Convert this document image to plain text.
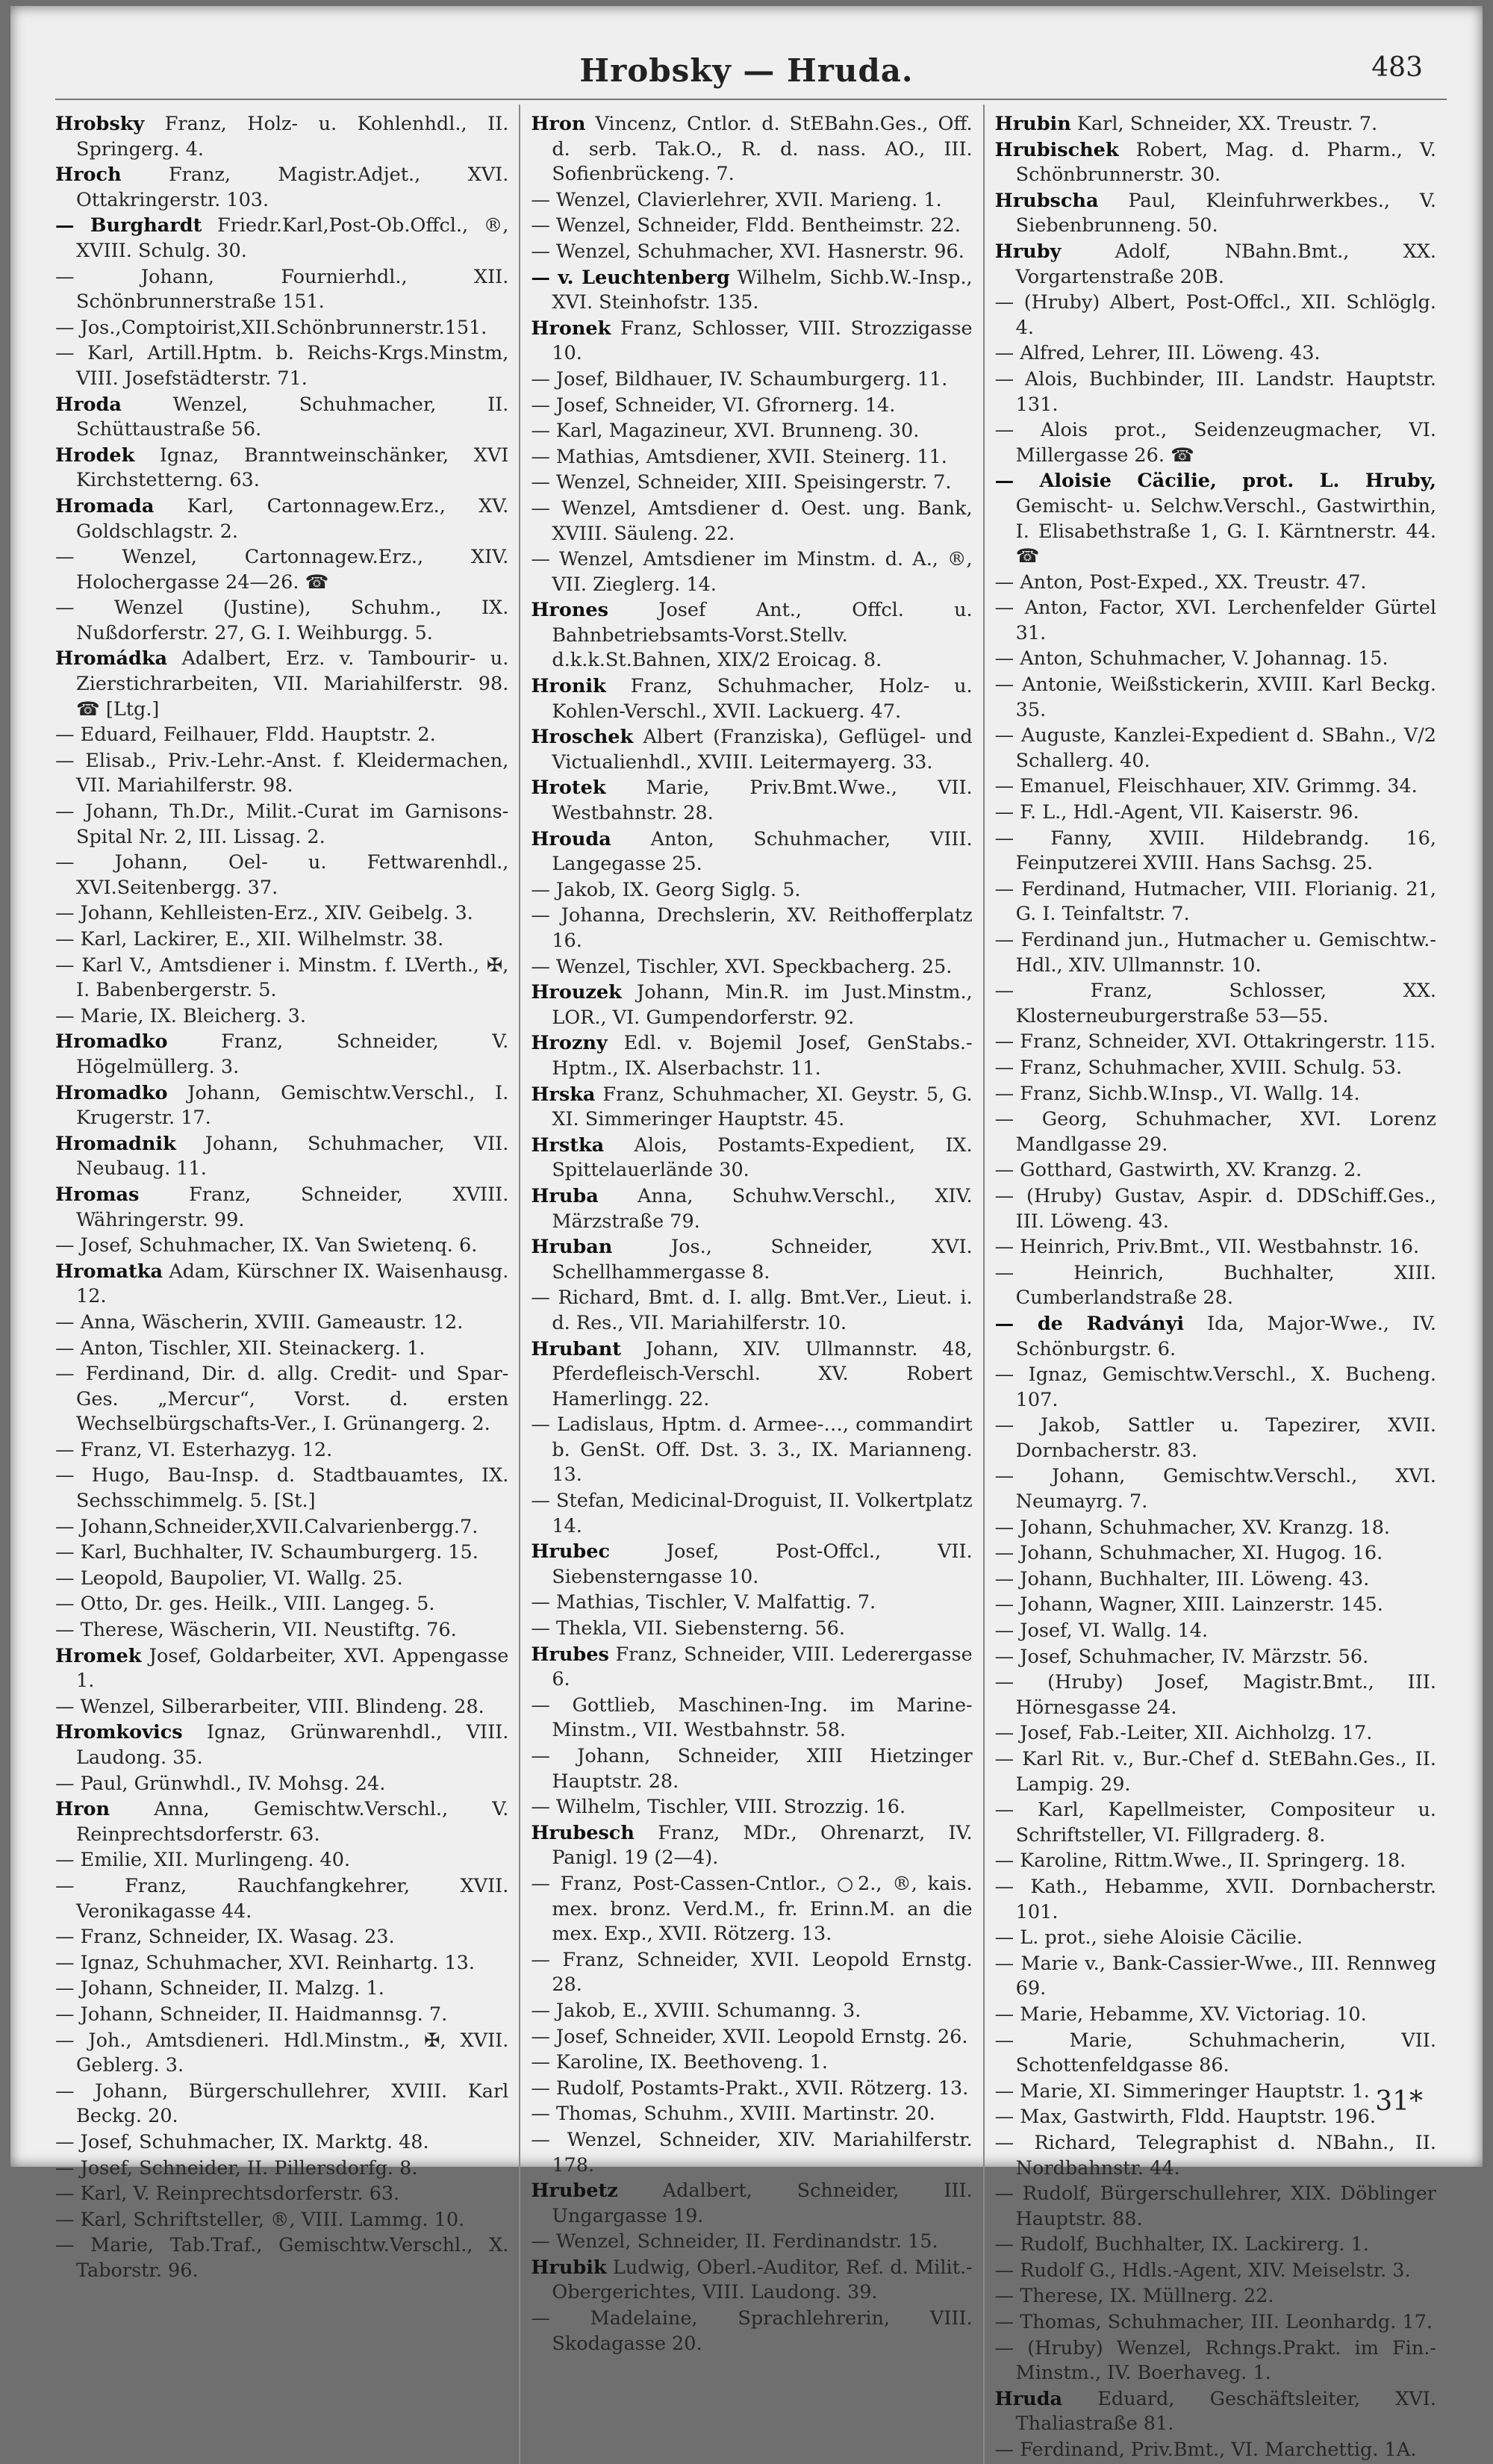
Hrobsky — Hruda.	483
Hrobsky Franz, Holz- u. Kohlenhdl., II. Springerg. 4.
Hroch Franz, Magistr.Adjet., XVI. Ottakringerstr. 103.
— Burghardt Friedr.Karl,Post-Ob.Offcl., ®, XVIII. Schulg. 30.
— Johann, Fournierhdl., XII. Schönbrunnerstraße 151.
— Jos.,Comptoirist,XII.Schönbrunnerstr.151.
— Karl, Artill.Hptm. b. Reichs-Krgs.Minstm, VIII. Josefstädterstr. 71.
Hroda	Wenzel, Schuhmacher, II. Schüttaustraße 56.
Hrodek Ignaz, Branntweinschänker, XVI Kirchstetterng. 63.
Hromada Karl, Cartonnagew.Erz., XV. Goldschlagstr. 2.
— Wenzel, Cartonnagew.Erz., XIV. Holochergasse 24—26. ☎
— Wenzel (Justine), Schuhm., IX. Nußdorferstr. 27, G. I. Weihburgg. 5.
Hromádka Adalbert, Erz. v. Tambourir- u. Zierstichrarbeiten, VII. Mariahilferstr. 98. ☎ [Ltg.]
— Eduard, Feilhauer, Fldd. Hauptstr. 2.
— Elisab., Priv.-Lehr.-Anst. f. Kleidermachen, VII. Mariahilferstr. 98.
— Johann, Th.Dr., Milit.-Curat im Garnisons-Spital Nr. 2, III. Lissag. 2.
— Johann, Oel- u. Fettwarenhdl., XVI.Seitenbergg. 37.
— Johann, Kehlleisten-Erz., XIV. Geibelg. 3.
— Karl, Lackirer, E., XII. Wilhelmstr. 38.
— Karl V., Amtsdiener i. Minstm. f. LVerth., ✠, I. Babenbergerstr. 5.
— Marie, IX. Bleicherg. 3.
Hromadko	Franz, Schneider, V. Högelmüllerg. 3.
Hromadko Johann, Gemischtw.Verschl., I. Krugerstr. 17.
Hromadnik Johann, Schuhmacher, VII. Neubaug. 11.
Hromas	Franz, Schneider, XVIII. Währingerstr. 99.
— Josef, Schuhmacher, IX. Van Swietenq. 6.
Hromatka Adam, Kürschner IX. Waisenhausg. 12.
— Anna, Wäscherin, XVIII. Gameaustr. 12.
— Anton, Tischler, XII. Steinackerg. 1.
— Ferdinand, Dir. d. allg. Credit- und Spar-Ges. „Mercur“, Vorst. d. ersten Wechselbürgschafts-Ver., I. Grünangerg. 2.
— Franz, VI. Esterhazyg. 12.
— Hugo, Bau-Insp. d. Stadtbauamtes, IX. Sechsschimmelg. 5. [St.]
— Johann,Schneider,XVII.Calvarienbergg.7.
— Karl, Buchhalter, IV. Schaumburgerg. 15.
— Leopold, Baupolier, VI. Wallg. 25.
— Otto, Dr. ges. Heilk., VIII. Langeg. 5.
— Therese, Wäscherin, VII. Neustiftg. 76.
Hromek Josef, Goldarbeiter, XVI. Appengasse 1.
— Wenzel, Silberarbeiter, VIII. Blindeng. 28.
Hromkovics Ignaz, Grünwarenhdl., VIII. Laudong. 35.
— Paul, Grünwhdl., IV. Mohsg. 24.
Hron Anna, Gemischtw.Verschl., V. Reinprechtsdorferstr. 63.
— Emilie, XII. Murlingeng. 40.
— Franz, Rauchfangkehrer, XVII. Veronikagasse 44.
— Franz, Schneider, IX. Wasag. 23.
— Ignaz, Schuhmacher, XVI. Reinhartg. 13.
— Johann, Schneider, II. Malzg. 1.
— Johann, Schneider, II. Haidmannsg. 7.
— Joh., Amtsdieneri. Hdl.Minstm., ✠, XVII. Geblerg. 3.
— Johann, Bürgerschullehrer, XVIII. Karl Beckg. 20.
— Josef, Schuhmacher, IX. Marktg. 48.
— Josef, Schneider, II. Pillersdorfg. 8.
— Karl, V. Reinprechtsdorferstr. 63.
— Karl, Schriftsteller, ®, VIII. Lammg. 10.
— Marie, Tab.Traf., Gemischtw.Verschl., X. Taborstr. 96.
Hron Vincenz, Cntlor. d. StEBahn.Ges., Off. d. serb. Tak.O., R. d. nass. AO., III. Sofienbrückeng. 7.
— Wenzel, Clavierlehrer, XVII. Marieng. 1.
— Wenzel, Schneider, Fldd. Bentheimstr. 22.
— Wenzel, Schuhmacher, XVI. Hasnerstr. 96.
— v. Leuchtenberg Wilhelm, Sichb.W.-Insp., XVI. Steinhofstr. 135.
Hronek Franz, Schlosser, VIII. Strozzigasse 10.
— Josef, Bildhauer, IV. Schaumburgerg. 11.
— Josef, Schneider, VI. Gfrornerg. 14.
— Karl, Magazineur, XVI. Brunneng. 30.
— Mathias, Amtsdiener, XVII. Steinerg. 11.
— Wenzel, Schneider, XIII. Speisingerstr. 7.
— Wenzel, Amtsdiener d. Oest. ung. Bank, XVIII. Säuleng. 22.
— Wenzel, Amtsdiener im Minstm. d. A., ®, VII. Zieglerg. 14.
Hrones	Josef Ant., Offcl. u. Bahnbetriebsamts-Vorst.Stellv. d.k.k.St.Bahnen, XIX/2 Eroicag. 8.
Hronik Franz, Schuhmacher, Holz- u. Kohlen-Verschl., XVII. Lackuerg. 47.
Hroschek Albert (Franziska), Geflügel- und Victualienhdl., XVIII. Leitermayerg. 33.
Hrotek Marie, Priv.Bmt.Wwe., VII. Westbahnstr. 28.
Hrouda Anton, Schuhmacher, VIII. Langegasse 25.
— Jakob, IX. Georg Siglg. 5.
— Johanna, Drechslerin, XV. Reithofferplatz 16.
— Wenzel, Tischler, XVI. Speckbacherg. 25.
Hrouzek Johann, Min.R. im Just.Minstm., LOR., VI. Gumpendorferstr. 92.
Hrozny Edl. v. Bojemil Josef, GenStabs.-Hptm., IX. Alserbachstr. 11.
Hrska Franz, Schuhmacher, XI. Geystr. 5, G. XI. Simmeringer Hauptstr. 45.
Hrstka Alois, Postamts-Expedient, IX. Spittelauerlände 30.
Hruba Anna, Schuhw.Verschl., XIV. Märzstraße 79.
Hruban	Jos., Schneider, XVI. Schellhammergasse 8.
— Richard, Bmt. d. I. allg. Bmt.Ver., Lieut. i. d. Res., VII. Mariahilferstr. 10.
Hrubant Johann, XIV. Ullmannstr. 48, Pferdefleisch-Verschl. XV. Robert Hamerlingg. 22.
— Ladislaus, Hptm. d. Armee-…, commandirt b. GenSt. Off. Dst. 3. 3., IX. Marianneng. 13.
— Stefan, Medicinal-Droguist, II. Volkertplatz 14.
Hrubec	Josef, Post-Offcl., VII. Siebensterngasse 10.
— Mathias, Tischler, V. Malfattig. 7.
— Thekla, VII. Siebensterng. 56.
Hrubes Franz, Schneider, VIII. Lederergasse 6.
— Gottlieb, Maschinen-Ing. im Marine-Minstm., VII. Westbahnstr. 58.
— Johann, Schneider, XIII Hietzinger Hauptstr. 28.
— Wilhelm, Tischler, VIII. Strozzig. 16.
Hrubesch Franz, MDr., Ohrenarzt, IV. Panigl. 19 (2—4).
— Franz, Post-Cassen-Cntlor., ○2., ®, kais. mex. bronz. Verd.M., fr. Erinn.M. an die mex. Exp., XVII. Rötzerg. 13.
— Franz, Schneider, XVII. Leopold Ernstg. 28.
— Jakob, E., XVIII. Schumanng. 3.
— Josef, Schneider, XVII. Leopold Ernstg. 26.
— Karoline, IX. Beethoveng. 1.
— Rudolf, Postamts-Prakt., XVII. Rötzerg. 13.
— Thomas, Schuhm., XVIII. Martinstr. 20.
— Wenzel, Schneider, XIV. Mariahilferstr. 178.
Hrubetz Adalbert, Schneider, III. Ungargasse 19.
— Wenzel, Schneider, II. Ferdinandstr. 15.
Hrubik Ludwig, Oberl.-Auditor, Ref. d. Milit.-Obergerichtes, VIII. Laudong. 39.
— Madelaine, Sprachlehrerin, VIII. Skodagasse 20.
Hrubin Karl, Schneider, XX. Treustr. 7.
Hrubischek Robert, Mag. d. Pharm., V. Schönbrunnerstr. 30.
Hrubscha Paul, Kleinfuhrwerkbes., V. Siebenbrunneng. 50.
Hruby	Adolf, NBahn.Bmt., XX. Vorgartenstraße 20B.
— (Hruby) Albert, Post-Offcl., XII. Schlöglg. 4.
— Alfred, Lehrer, III. Löweng. 43.
— Alois, Buchbinder, III. Landstr. Hauptstr. 131.
— Alois prot., Seidenzeugmacher, VI. Millergasse 26. ☎
— Aloisie Cäcilie, prot. L. Hruby, Gemischt- u. Selchw.Verschl., Gastwirthin, I. Elisabethstraße 1, G. I. Kärntnerstr. 44. ☎
— Anton, Post-Exped., XX. Treustr. 47.
— Anton, Factor, XVI. Lerchenfelder Gürtel 31.
— Anton, Schuhmacher, V. Johannag. 15.
— Antonie, Weißstickerin, XVIII. Karl Beckg. 35.
— Auguste, Kanzlei-Expedient d. SBahn., V/2 Schallerg. 40.
— Emanuel, Fleischhauer, XIV. Grimmg. 34.
— F. L., Hdl.-Agent, VII. Kaiserstr. 96.
— Fanny, XVIII. Hildebrandg. 16, Feinputzerei XVIII. Hans Sachsg. 25.
— Ferdinand, Hutmacher, VIII. Florianig. 21, G. I. Teinfaltstr. 7.
— Ferdinand jun., Hutmacher u. Gemischtw.-Hdl., XIV. Ullmannstr. 10.
— Franz, Schlosser, XX. Klosterneuburgerstraße 53—55.
— Franz, Schneider, XVI. Ottakringerstr. 115.
— Franz, Schuhmacher, XVIII. Schulg. 53.
— Franz, Sichb.W.Insp., VI. Wallg. 14.
— Georg, Schuhmacher, XVI. Lorenz Mandlgasse 29.
— Gotthard, Gastwirth, XV. Kranzg. 2.
— (Hruby) Gustav, Aspir. d. DDSchiff.Ges., III. Löweng. 43.
— Heinrich, Priv.Bmt., VII. Westbahnstr. 16.
— Heinrich, Buchhalter, XIII. Cumberlandstraße 28.
— de Radványi Ida, Major-Wwe., IV. Schönburgstr. 6.
— Ignaz, Gemischtw.Verschl., X. Bucheng. 107.
— Jakob, Sattler u. Tapezirer, XVII. Dornbacherstr. 83.
— Johann, Gemischtw.Verschl., XVI. Neumayrg. 7.
— Johann, Schuhmacher, XV. Kranzg. 18.
— Johann, Schuhmacher, XI. Hugog. 16.
— Johann, Buchhalter, III. Löweng. 43.
— Johann, Wagner, XIII. Lainzerstr. 145.
— Josef, VI. Wallg. 14.
— Josef, Schuhmacher, IV. Märzstr. 56.
— (Hruby) Josef, Magistr.Bmt., III. Hörnesgasse 24.
— Josef, Fab.-Leiter, XII. Aichholzg. 17.
— Karl Rit. v., Bur.-Chef d. StEBahn.Ges., II. Lampig. 29.
— Karl, Kapellmeister, Compositeur u. Schriftsteller, VI. Fillgraderg. 8.
— Karoline, Rittm.Wwe., II. Springerg. 18.
— Kath., Hebamme, XVII. Dornbacherstr. 101.
— L. prot., siehe Aloisie Cäcilie.
— Marie v., Bank-Cassier-Wwe., III. Rennweg 69.
— Marie, Hebamme, XV. Victoriag. 10.
— Marie, Schuhmacherin, VII. Schottenfeldgasse 86.
— Marie, XI. Simmeringer Hauptstr. 1.
— Max, Gastwirth, Fldd. Hauptstr. 196.
— Richard, Telegraphist d. NBahn., II. Nordbahnstr. 44.
— Rudolf, Bürgerschullehrer, XIX. Döblinger Hauptstr. 88.
— Rudolf, Buchhalter, IX. Lackirerg. 1.
— Rudolf G., Hdls.-Agent, XIV. Meiselstr. 3.
— Therese, IX. Müllnerg. 22.
— Thomas, Schuhmacher, III. Leonhardg. 17.
— (Hruby) Wenzel, Rchngs.Prakt. im Fin.-Minstm., IV. Boerhaveg. 1.
Hruda Eduard, Geschäftsleiter, XVI. Thaliastraße 81.
— Ferdinand, Priv.Bmt., VI. Marchettig. 1A.
31*
